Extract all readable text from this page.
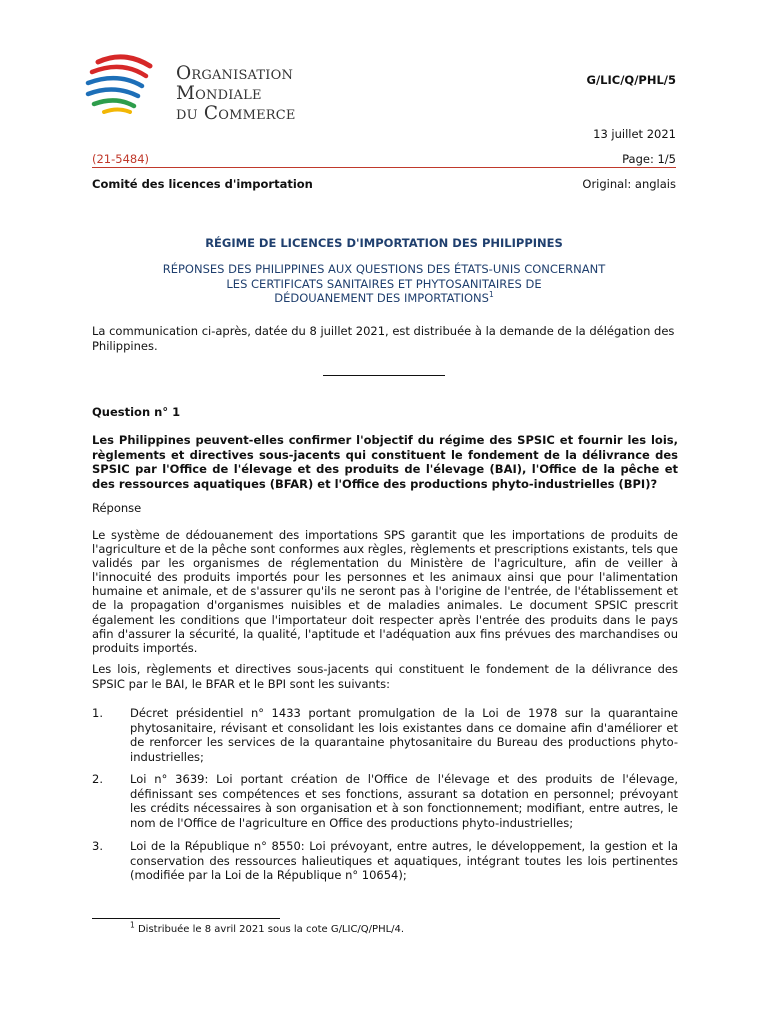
Organisation
Mondiale
du Commerce
G/LIC/Q/PHL/5
13 juillet 2021
(21-5484)	Page: 1/5
Comité des licences d'importation	Original: anglais
RÉGIME DE LICENCES D'IMPORTATION DES PHILIPPINES
RÉPONSES DES PHILIPPINES AUX QUESTIONS DES ÉTATS-UNIS CONCERNANT
LES CERTIFICATS SANITAIRES ET PHYTOSANITAIRES DE
DÉDOUANEMENT DES IMPORTATIONS$^1$
La communication ci-après, datée du 8 juillet 2021, est distribuée à la demande de la délégation des Philippines.
Question n° 1
Les Philippines peuvent-elles confirmer l'objectif du régime des SPSIC et fournir les lois, règlements et directives sous-jacents qui constituent le fondement de la délivrance des SPSIC par l'Office de l'élevage et des produits de l'élevage (BAI), l'Office de la pêche et des ressources aquatiques (BFAR) et l'Office des productions phyto-industrielles (BPI)?
Réponse
Le système de dédouanement des importations SPS garantit que les importations de produits de l'agriculture et de la pêche sont conformes aux règles, règlements et prescriptions existants, tels que validés par les organismes de réglementation du Ministère de l'agriculture, afin de veiller à l'innocuité des produits importés pour les personnes et les animaux ainsi que pour l'alimentation humaine et animale, et de s'assurer qu'ils ne seront pas à l'origine de l'entrée, de l'établissement et de la propagation d'organismes nuisibles et de maladies animales. Le document SPSIC prescrit également les conditions que l'importateur doit respecter après l'entrée des produits dans le pays afin d'assurer la sécurité, la qualité, l'aptitude et l'adéquation aux fins prévues des marchandises ou produits importés.
Les lois, règlements et directives sous-jacents qui constituent le fondement de la délivrance des SPSIC par le BAI, le BFAR et le BPI sont les suivants:
1. Décret présidentiel n° 1433 portant promulgation de la Loi de 1978 sur la quarantaine phytosanitaire, révisant et consolidant les lois existantes dans ce domaine afin d'améliorer et de renforcer les services de la quarantaine phytosanitaire du Bureau des productions phyto-industrielles;
2. Loi n° 3639: Loi portant création de l'Office de l'élevage et des produits de l'élevage, définissant ses compétences et ses fonctions, assurant sa dotation en personnel; prévoyant les crédits nécessaires à son organisation et à son fonctionnement; modifiant, entre autres, le nom de l'Office de l'agriculture en Office des productions phyto-industrielles;
3. Loi de la République n° 8550: Loi prévoyant, entre autres, le développement, la gestion et la conservation des ressources halieutiques et aquatiques, intégrant toutes les lois pertinentes (modifiée par la Loi de la République n° 10654);
$^1$ Distribuée le 8 avril 2021 sous la cote G/LIC/Q/PHL/4.
